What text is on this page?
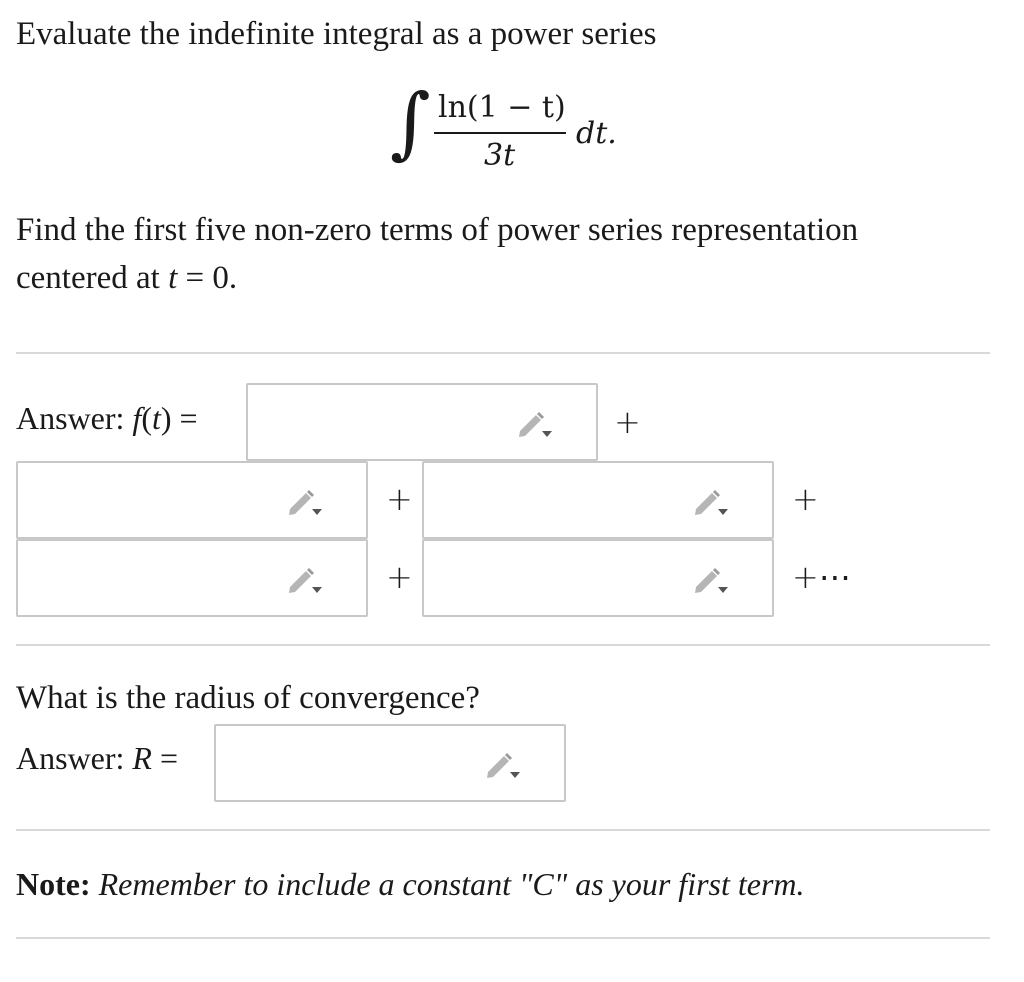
Evaluate the indefinite integral as a power series
∫ ln(1 − t)
3t
dt.
Find the first five non-zero terms of power series representation
centered at t = 0.
Answer: f(t) =	+
+	+
+	+⋯
What is the radius of convergence?
Answer: R =
Note: Remember to include a constant "C" as your first term.
